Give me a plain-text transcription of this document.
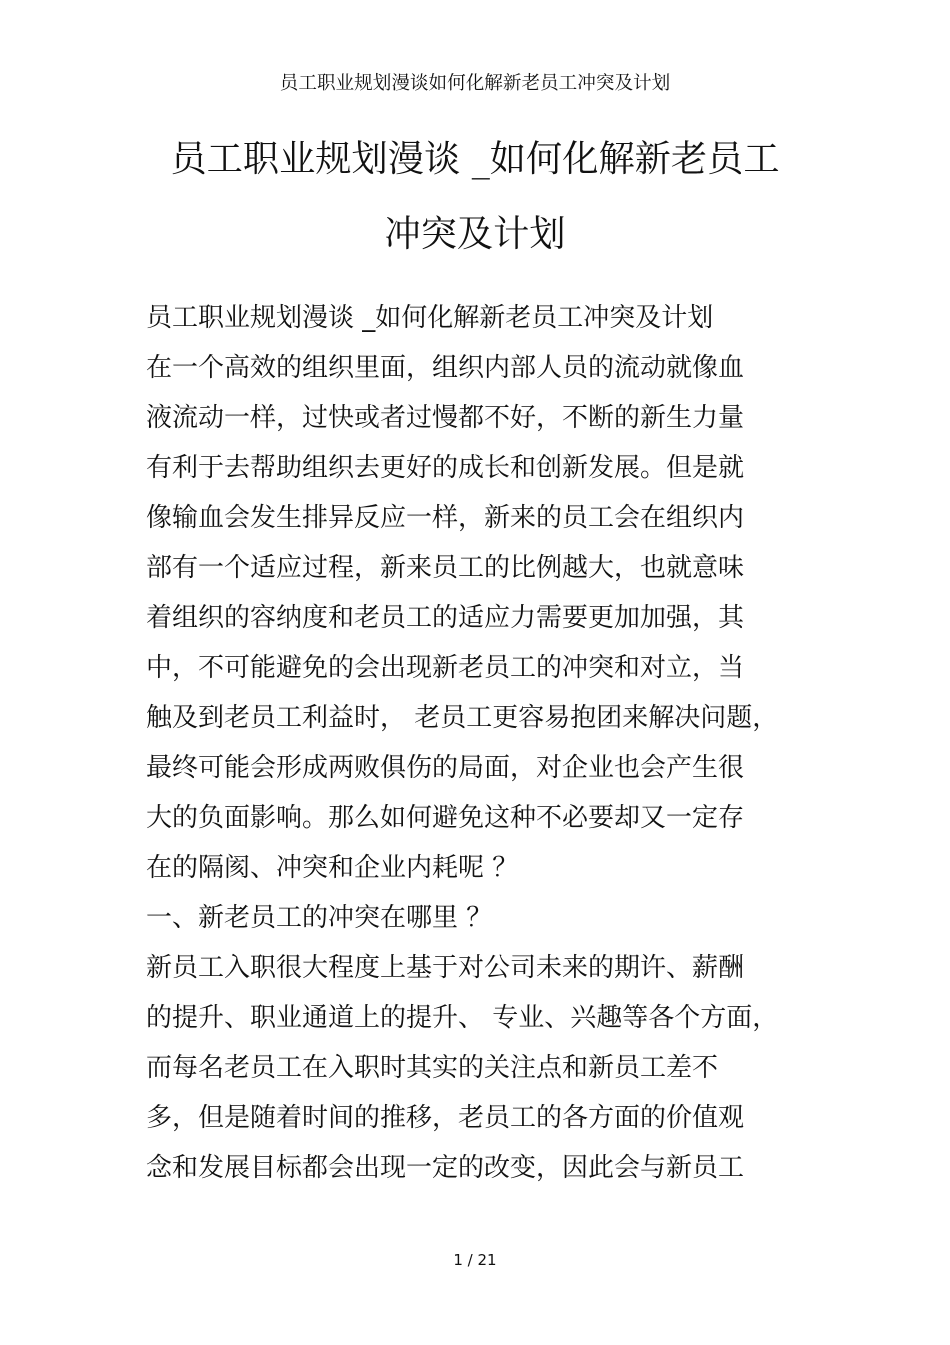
员工职业规划漫谈如何化解新老员工冲突及计划
员工职业规划漫谈 _如何化解新老员工
冲突及计划
员工职业规划漫谈 _如何化解新老员工冲突及计划
在一个高效的组织里面，组织内部人员的流动就像血
液流动一样，过快或者过慢都不好，不断的新生力量
有利于去帮助组织去更好的成长和创新发展。但是就
像输血会发生排异反应一样，新来的员工会在组织内
部有一个适应过程，新来员工的比例越大，也就意味
着组织的容纳度和老员工的适应力需要更加加强，其
中，不可能避免的会出现新老员工的冲突和对立，当
触及到老员工利益时， 老员工更容易抱团来解决问题，
最终可能会形成两败俱伤的局面，对企业也会产生很
大的负面影响。那么如何避免这种不必要却又一定存
在的隔阂、冲突和企业内耗呢 ？
一、新老员工的冲突在哪里 ？
新员工入职很大程度上基于对公司未来的期许、薪酬
的提升、职业通道上的提升、 专业、兴趣等各个方面，
而每名老员工在入职时其实的关注点和新员工差不
多，但是随着时间的推移，老员工的各方面的价值观
念和发展目标都会出现一定的改变，因此会与新员工
1 / 21
